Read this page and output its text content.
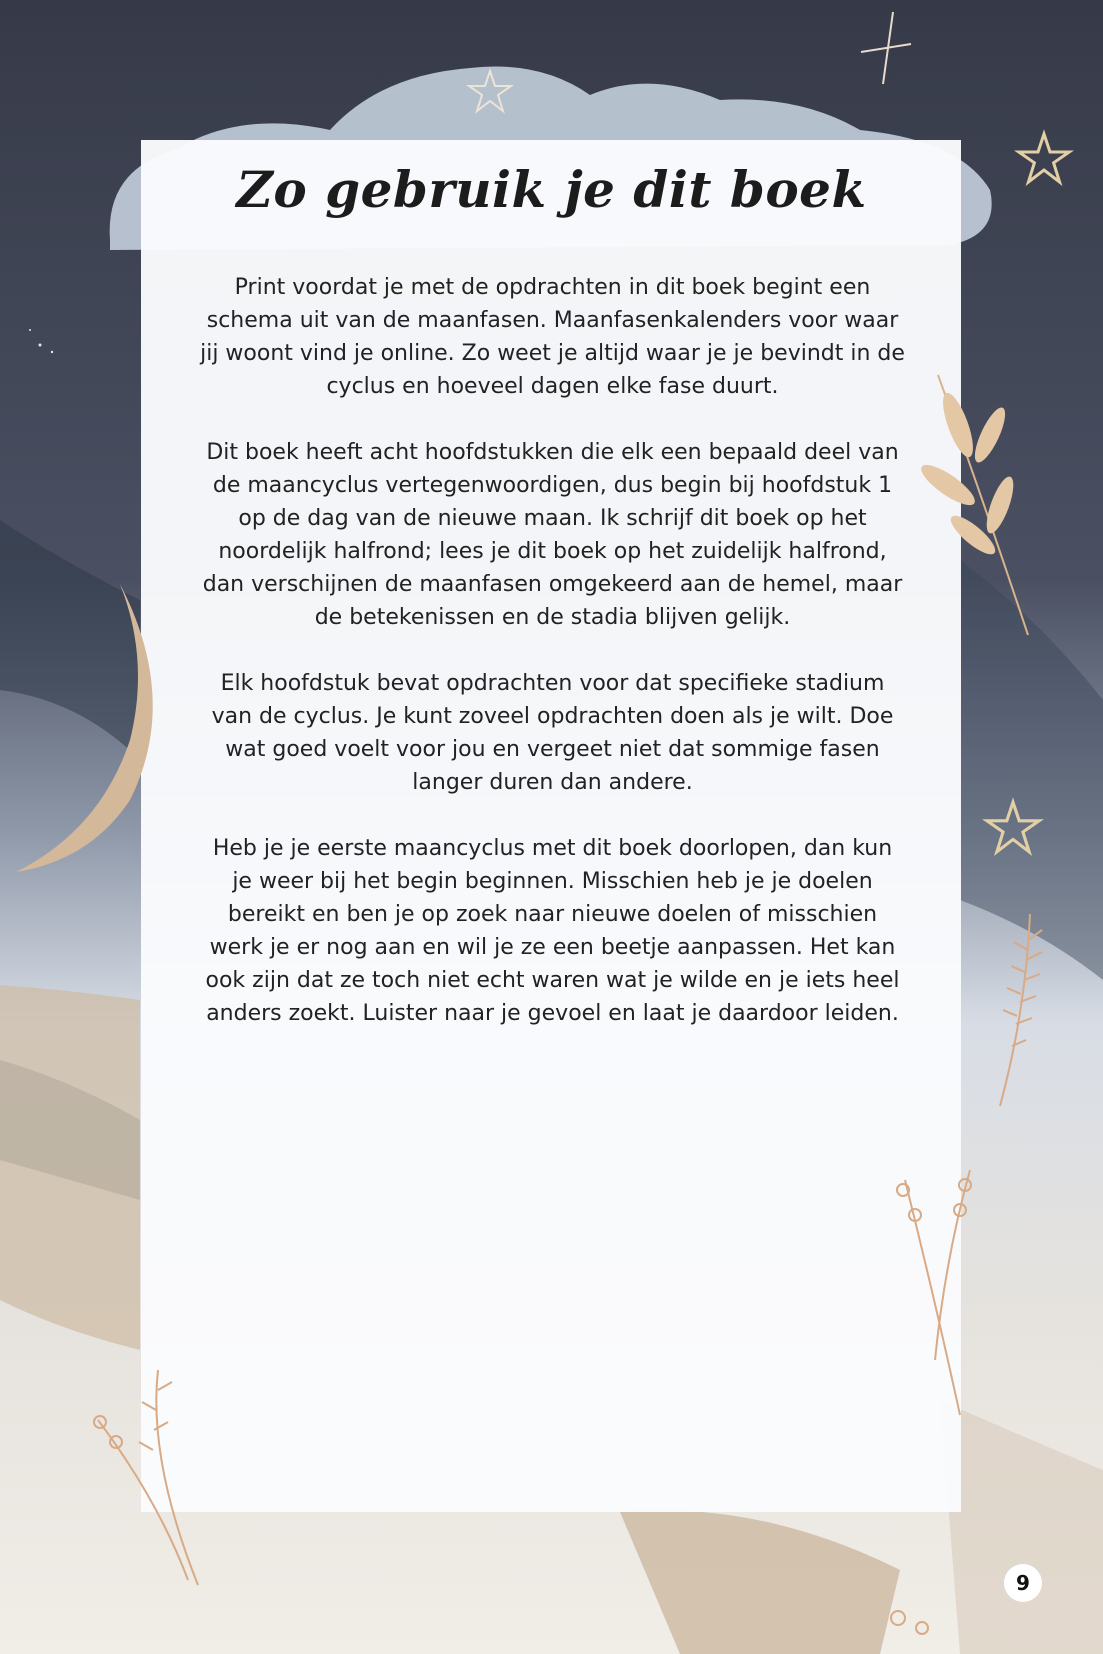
Zo gebruik je dit boek

Print voordat je met de opdrachten in dit boek begint een schema uit van de maanfasen. Maanfasenkalenders voor waar jij woont vind je online. Zo weet je altijd waar je je bevindt in de cyclus en hoeveel dagen elke fase duurt.

Dit boek heeft acht hoofdstukken die elk een bepaald deel van de maancyclus vertegenwoordigen, dus begin bij hoofdstuk 1 op de dag van de nieuwe maan. Ik schrijf dit boek op het noordelijk halfrond; lees je dit boek op het zuidelijk halfrond, dan verschijnen de maanfasen omgekeerd aan de hemel, maar de betekenissen en de stadia blijven gelijk.

Elk hoofdstuk bevat opdrachten voor dat specifieke stadium van de cyclus. Je kunt zoveel opdrachten doen als je wilt. Doe wat goed voelt voor jou en vergeet niet dat sommige fasen langer duren dan andere.

Heb je je eerste maancyclus met dit boek doorlopen, dan kun je weer bij het begin beginnen. Misschien heb je je doelen bereikt en ben je op zoek naar nieuwe doelen of misschien werk je er nog aan en wil je ze een beetje aanpassen. Het kan ook zijn dat ze toch niet echt waren wat je wilde en je iets heel anders zoekt. Luister naar je gevoel en laat je daardoor leiden.

9
